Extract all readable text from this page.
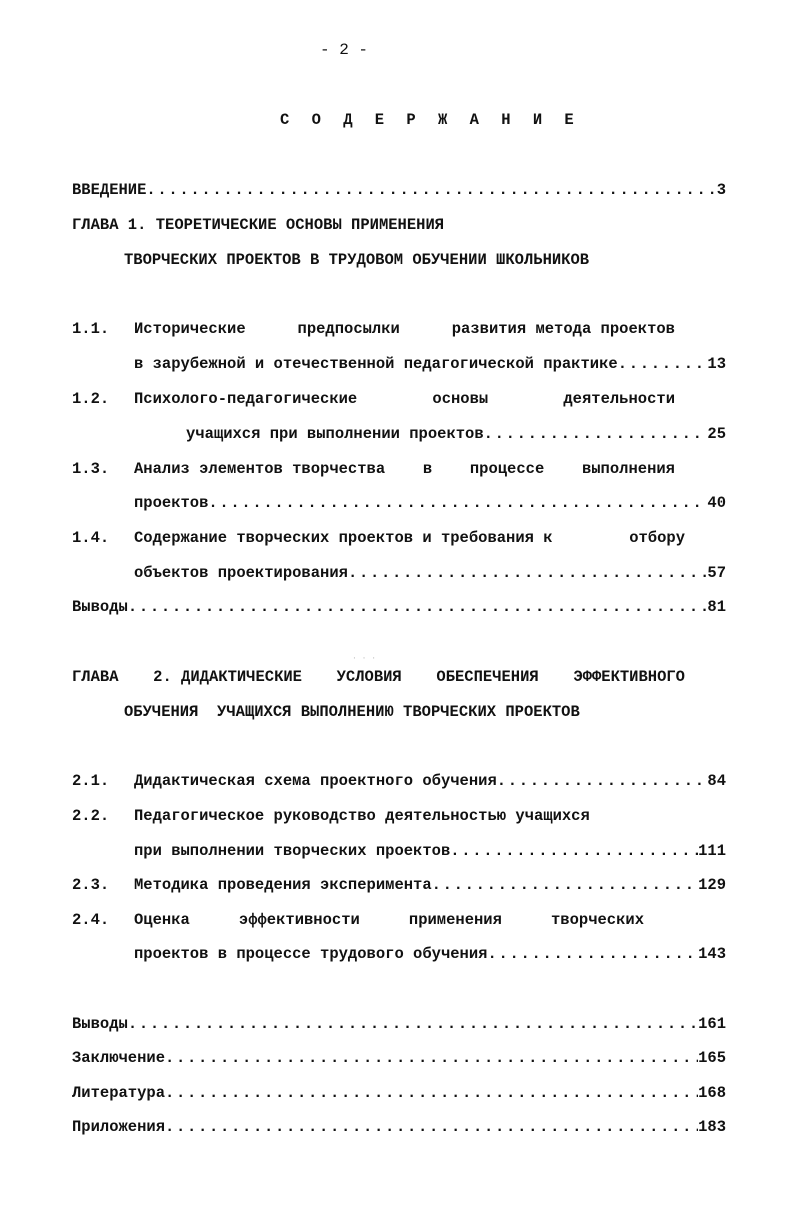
- 2 -
С О Д Е Р Ж А Н И Е
ВВЕДЕНИЕ .....	3
ГЛАВА 1. ТЕОРЕТИЧЕСКИЕ ОСНОВЫ ПРИМЕНЕНИЯ
ТВОРЧЕСКИХ ПРОЕКТОВ В ТРУДОВОМ ОБУЧЕНИИ ШКОЛЬНИКОВ
1.1. Исторические	предпосылки	развития метода проектов
в зарубежной и отечественной педагогической практике .....	13
1.2. Психолого-педагогические	основы	деятельности
учащихся при выполнении проектов .....	25
1.3. Анализ элементов творчества в процессе выполнения
проектов .....	40
1.4. Содержание творческих проектов и требования к	отбору
объектов проектирования .....	57
Выводы .....	81
· · ·
ГЛАВА 2. ДИДАКТИЧЕСКИЕ УСЛОВИЯ ОБЕСПЕЧЕНИЯ ЭФФЕКТИВНОГО
ОБУЧЕНИЯ  УЧАЩИХСЯ ВЫПОЛНЕНИЮ ТВОРЧЕСКИХ ПРОЕКТОВ
2.1. Дидактическая схема проектного обучения .....	84
2.2. Педагогическое руководство деятельностью учащихся
при выполнении творческих проектов .....	111
2.3. Методика проведения эксперимента .....	129
2.4. Оценка	эффективности	применения	творческих
проектов в процессе трудового обучения .....	143
Выводы .....	161
Заключение .....	165
Литература .....	168
Приложения .....	183
